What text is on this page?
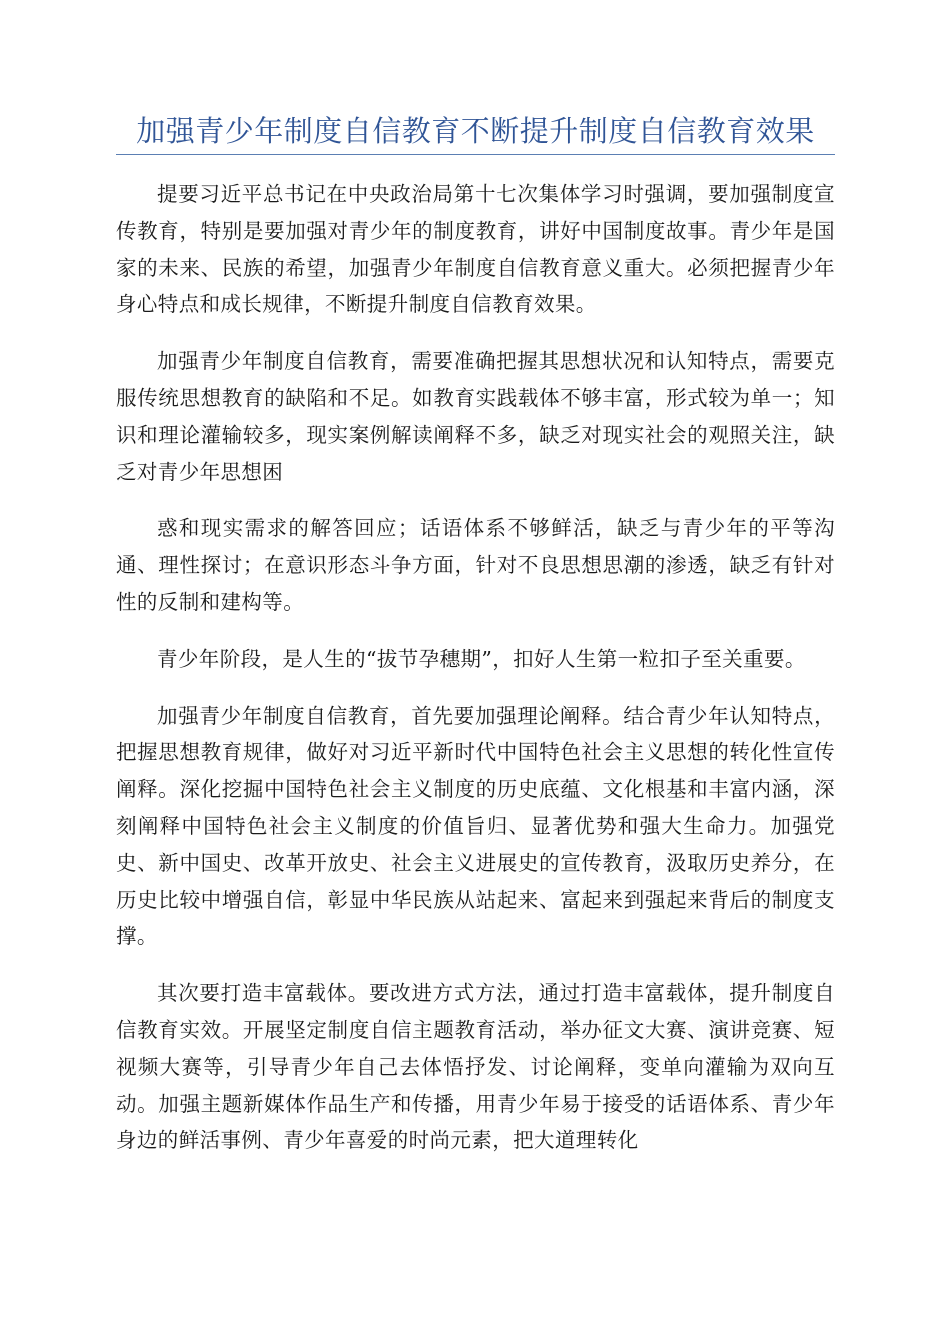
加强青少年制度自信教育不断提升制度自信教育效果

提要习近平总书记在中央政治局第十七次集体学习时强调，要加强制度宣传教育，特别是要加强对青少年的制度教育，讲好中国制度故事。青少年是国家的未来、民族的希望，加强青少年制度自信教育意义重大。必须把握青少年身心特点和成长规律，不断提升制度自信教育效果。

加强青少年制度自信教育，需要准确把握其思想状况和认知特点，需要克服传统思想教育的缺陷和不足。如教育实践载体不够丰富，形式较为单一；知识和理论灌输较多，现实案例解读阐释不多，缺乏对现实社会的观照关注，缺乏对青少年思想困

惑和现实需求的解答回应；话语体系不够鲜活，缺乏与青少年的平等沟通、理性探讨；在意识形态斗争方面，针对不良思想思潮的渗透，缺乏有针对性的反制和建构等。

青少年阶段，是人生的“拔节孕穗期”，扣好人生第一粒扣子至关重要。

加强青少年制度自信教育，首先要加强理论阐释。结合青少年认知特点，把握思想教育规律，做好对习近平新时代中国特色社会主义思想的转化性宣传阐释。深化挖掘中国特色社会主义制度的历史底蕴、文化根基和丰富内涵，深刻阐释中国特色社会主义制度的价值旨归、显著优势和强大生命力。加强党史、新中国史、改革开放史、社会主义进展史的宣传教育，汲取历史养分，在历史比较中增强自信，彰显中华民族从站起来、富起来到强起来背后的制度支撑。

其次要打造丰富载体。要改进方式方法，通过打造丰富载体，提升制度自信教育实效。开展坚定制度自信主题教育活动，举办征文大赛、演讲竞赛、短视频大赛等，引导青少年自己去体悟抒发、讨论阐释，变单向灌输为双向互动。加强主题新媒体作品生产和传播，用青少年易于接受的话语体系、青少年身边的鲜活事例、青少年喜爱的时尚元素，把大道理转化
